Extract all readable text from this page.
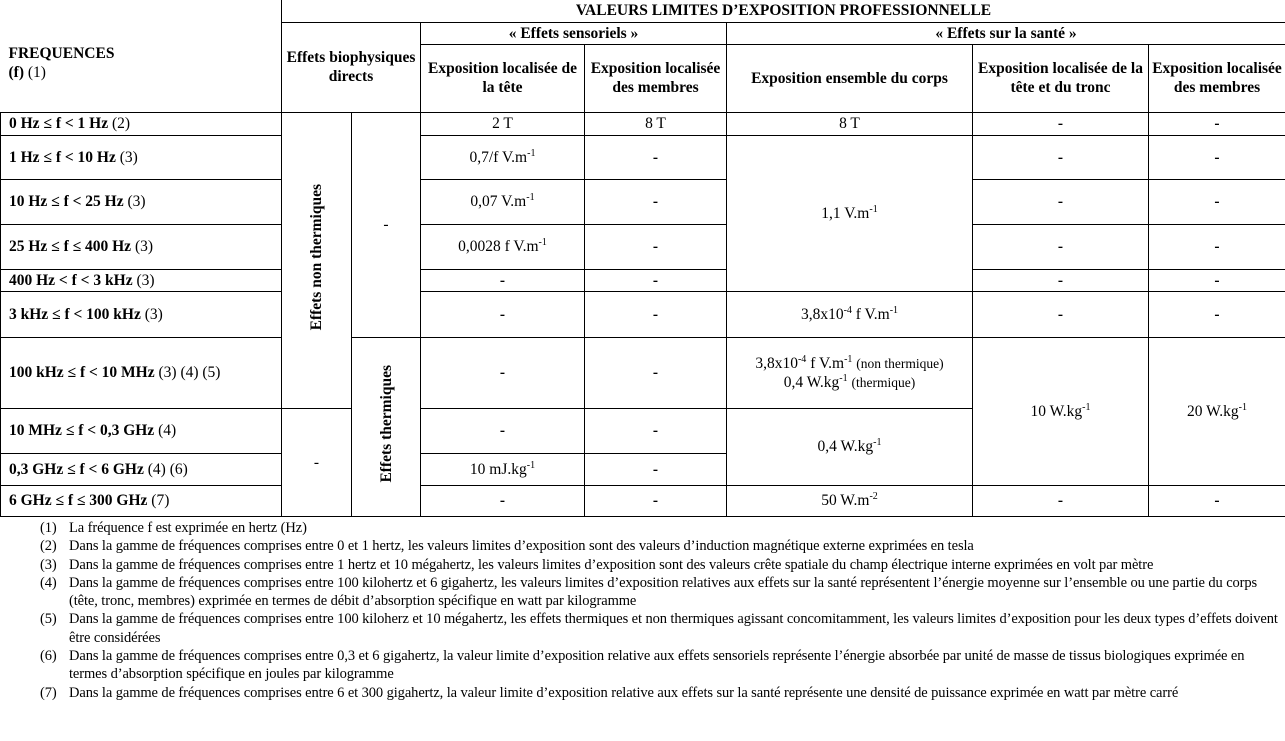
FREQUENCES
(f) (1)	VALEURS LIMITES D’EXPOSITION PROFESSIONNELLE						
	Effets biophysiques directs		« Effets sensoriels »		« Effets sur la santé »		
			Exposition localisée de la tête	Exposition localisée des membres	Exposition ensemble du corps	Exposition localisée de la tête et du tronc	Exposition localisée des membres
0 Hz ≤ f < 1 Hz (2)	Effets non thermiques	-	2 T	8 T	8 T	-	-
1 Hz ≤ f < 10 Hz (3)			0,7/f $V.m^{-1}$	-	1,1 $V.m^{-1}$	-	-
10 Hz ≤ f < 25 Hz (3)			0,07 $V.m^{-1}$	-		-	-
25 Hz ≤ f ≤ 400 Hz (3)			0,0028 f $V.m^{-1}$	-		-	-
400 Hz < f < 3 kHz (3)			-	-		-	-
3 kHz ≤ f < 100 kHz (3)			-	-	$3,8x10^{-4}$ f $V.m^{-1}$	-	-
100 kHz ≤ f < 10 MHz (3) (4) (5)		Effets thermiques	-	-	$3,8x10^{-4}$ f $V.m^{-1}$ (non thermique)
0,4 $W.kg^{-1}$ (thermique)	10 $W.kg^{-1}$	20 $W.kg^{-1}$
10 MHz ≤ f < 0,3 GHz (4)	-		-	-	0,4 $W.kg^{-1}$
0,3 GHz ≤ f < 6 GHz (4) (6)			10 $mJ.kg^{-1}$	-			
6 GHz ≤ f ≤ 300 GHz (7)			-	-	50 $W.m^{-2}$	-	-
(1) La fréquence f est exprimée en hertz (Hz)
(2) Dans la gamme de fréquences comprises entre 0 et 1 hertz, les valeurs limites d’exposition sont des valeurs d’induction magnétique externe exprimées en tesla
(3) Dans la gamme de fréquences comprises entre 1 hertz et 10 mégahertz, les valeurs limites d’exposition sont des valeurs crête spatiale du champ électrique interne exprimées en volt par mètre
(4) Dans la gamme de fréquences comprises entre 100 kilohertz et 6 gigahertz, les valeurs limites d’exposition relatives aux effets sur la santé représentent l’énergie moyenne sur l’ensemble ou une partie du corps (tête, tronc, membres) exprimée en termes de débit d’absorption spécifique en watt par kilogramme
(5) Dans la gamme de fréquences comprises entre 100 kiloherz et 10 mégahertz, les effets thermiques et non thermiques agissant concomitamment, les valeurs limites d’exposition pour les deux types d’effets doivent être considérées
(6) Dans la gamme de fréquences comprises entre 0,3 et 6 gigahertz, la valeur limite d’exposition relative aux effets sensoriels représente l’énergie absorbée par unité de masse de tissus biologiques exprimée en termes d’absorption spécifique en joules par kilogramme
(7) Dans la gamme de fréquences comprises entre 6 et 300 gigahertz, la valeur limite d’exposition relative aux effets sur la santé représente une densité de puissance exprimée en watt par mètre carré
